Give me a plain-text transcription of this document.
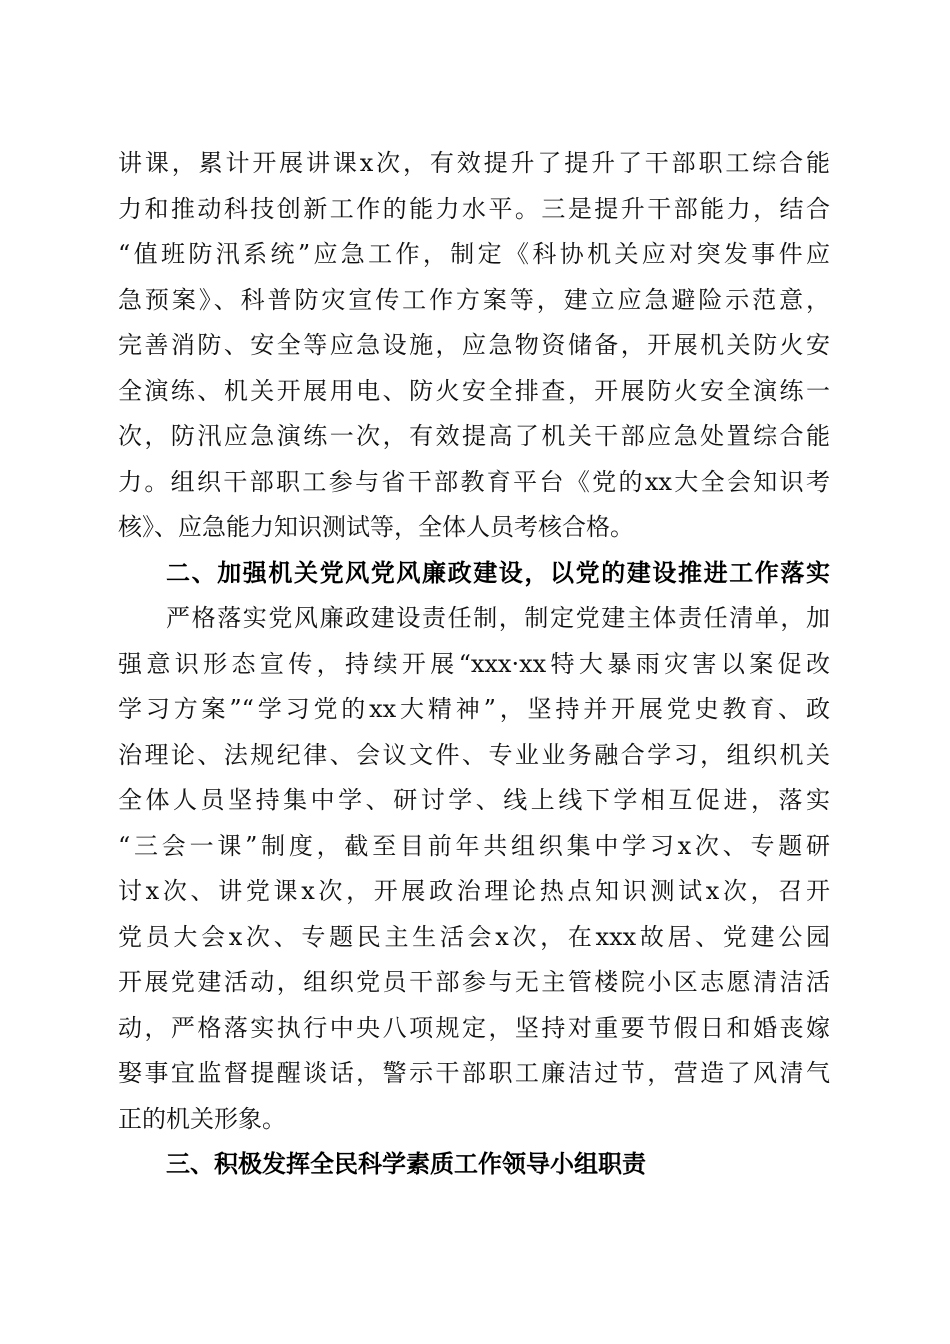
讲课，累计开展讲课x次，有效提升了提升了干部职工综合能
力和推动科技创新工作的能力水平。三是提升干部能力，结合
“值班防汛系统”应急工作，制定《科协机关应对突发事件应
急预案》、科普防灾宣传工作方案等，建立应急避险示范意，
完善消防、安全等应急设施，应急物资储备，开展机关防火安
全演练、机关开展用电、防火安全排查，开展防火安全演练一
次，防汛应急演练一次，有效提高了机关干部应急处置综合能
力。组织干部职工参与省干部教育平台《党的xx大全会知识考
核》、应急能力知识测试等，全体人员考核合格。
二、加强机关党风党风廉政建设，以党的建设推进工作落实
严格落实党风廉政建设责任制，制定党建主体责任清单，加
强意识形态宣传，持续开展“xxx·xx特大暴雨灾害以案促改
学习方案”“学习党的xx大精神”，坚持并开展党史教育、政
治理论、法规纪律、会议文件、专业业务融合学习，组织机关
全体人员坚持集中学、研讨学、线上线下学相互促进，落实
“三会一课”制度，截至目前年共组织集中学习x次、专题研
讨x次、讲党课x次，开展政治理论热点知识测试x次，召开
党员大会x次、专题民主生活会x次，在xxx故居、党建公园
开展党建活动，组织党员干部参与无主管楼院小区志愿清洁活
动，严格落实执行中央八项规定，坚持对重要节假日和婚丧嫁
娶事宜监督提醒谈话，警示干部职工廉洁过节，营造了风清气
正的机关形象。
三、积极发挥全民科学素质工作领导小组职责
